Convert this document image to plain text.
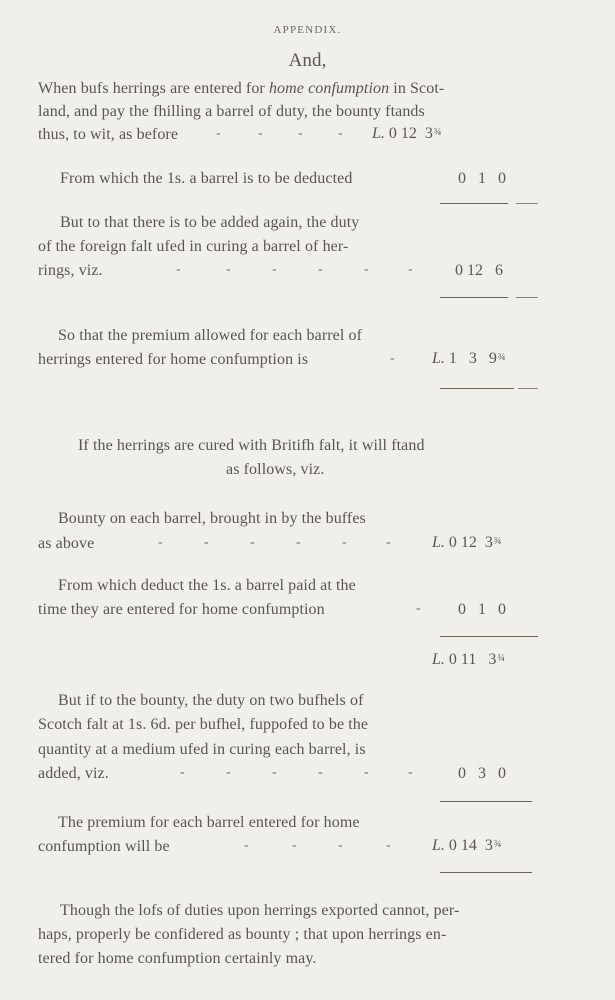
APPENDIX.
And,
When bufs herrings are entered for home confumption in Scot-
land, and pay the fhilling a barrel of duty, the bounty ftands
thus, to wit, as before	-	-	-	- L. 0 12 3¾
From which the 1s. a barrel is to be deducted	0 1 0
But to that there is to be added again, the duty
of the foreign falt ufed in curing a barrel of her-
rings, viz.	-	-	-	-	-	-	0 12 6
So that the premium allowed for each barrel of
herrings entered for home confumption is	- L. 1 3 9¾
If the herrings are cured with Britifh falt, it will ftand
as follows, viz.
Bounty on each barrel, brought in by the buffes
as above	-	-	-	-	-	-	L. 0 12 3¾
From which deduct the 1s. a barrel paid at the
time they are entered for home confumption	- 0 1 0
L. 0 11 3¾
But if to the bounty, the duty on two bufhels of
Scotch falt at 1s. 6d. per bufhel, fuppofed to be the
quantity at a medium ufed in curing each barrel, is
added, viz.	-	-	-	-	-	-	0 3 0
The premium for each barrel entered for home
confumption will be	-	-	-	-	L. 0 14 3¾
Though the lofs of duties upon herrings exported cannot, per-
haps, properly be confidered as bounty ; that upon herrings en-
tered for home confumption certainly may.
